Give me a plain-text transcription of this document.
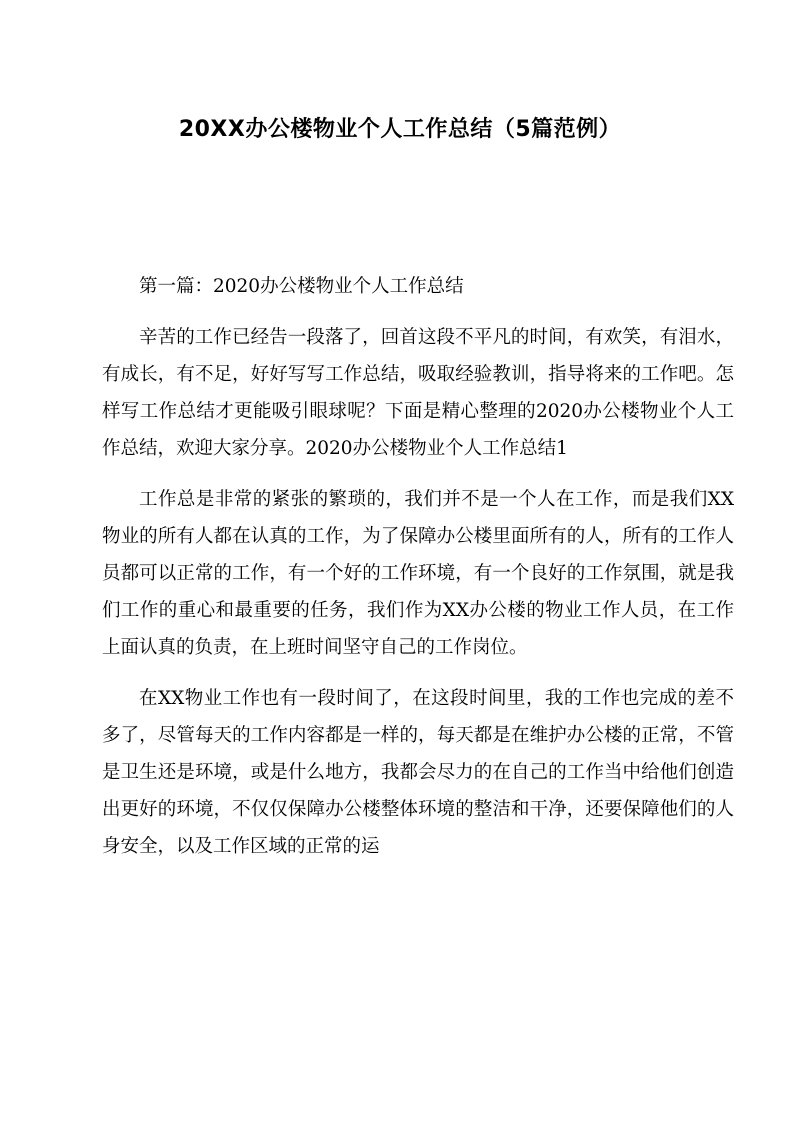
20XX办公楼物业个人工作总结（5篇范例）

第一篇：2020办公楼物业个人工作总结

辛苦的工作已经告一段落了，回首这段不平凡的时间，有欢笑，有泪水，有成长，有不足，好好写写工作总结，吸取经验教训，指导将来的工作吧。怎样写工作总结才更能吸引眼球呢？下面是精心整理的2020办公楼物业个人工作总结，欢迎大家分享。2020办公楼物业个人工作总结1

工作总是非常的紧张的繁琐的，我们并不是一个人在工作，而是我们XX物业的所有人都在认真的工作，为了保障办公楼里面所有的人，所有的工作人员都可以正常的工作，有一个好的工作环境，有一个良好的工作氛围，就是我们工作的重心和最重要的任务，我们作为XX办公楼的物业工作人员，在工作上面认真的负责，在上班时间坚守自己的工作岗位。

在XX物业工作也有一段时间了，在这段时间里，我的工作也完成的差不多了，尽管每天的工作内容都是一样的，每天都是在维护办公楼的正常，不管是卫生还是环境，或是什么地方，我都会尽力的在自己的工作当中给他们创造出更好的环境，不仅仅保障办公楼整体环境的整洁和干净，还要保障他们的人身安全，以及工作区域的正常的运
